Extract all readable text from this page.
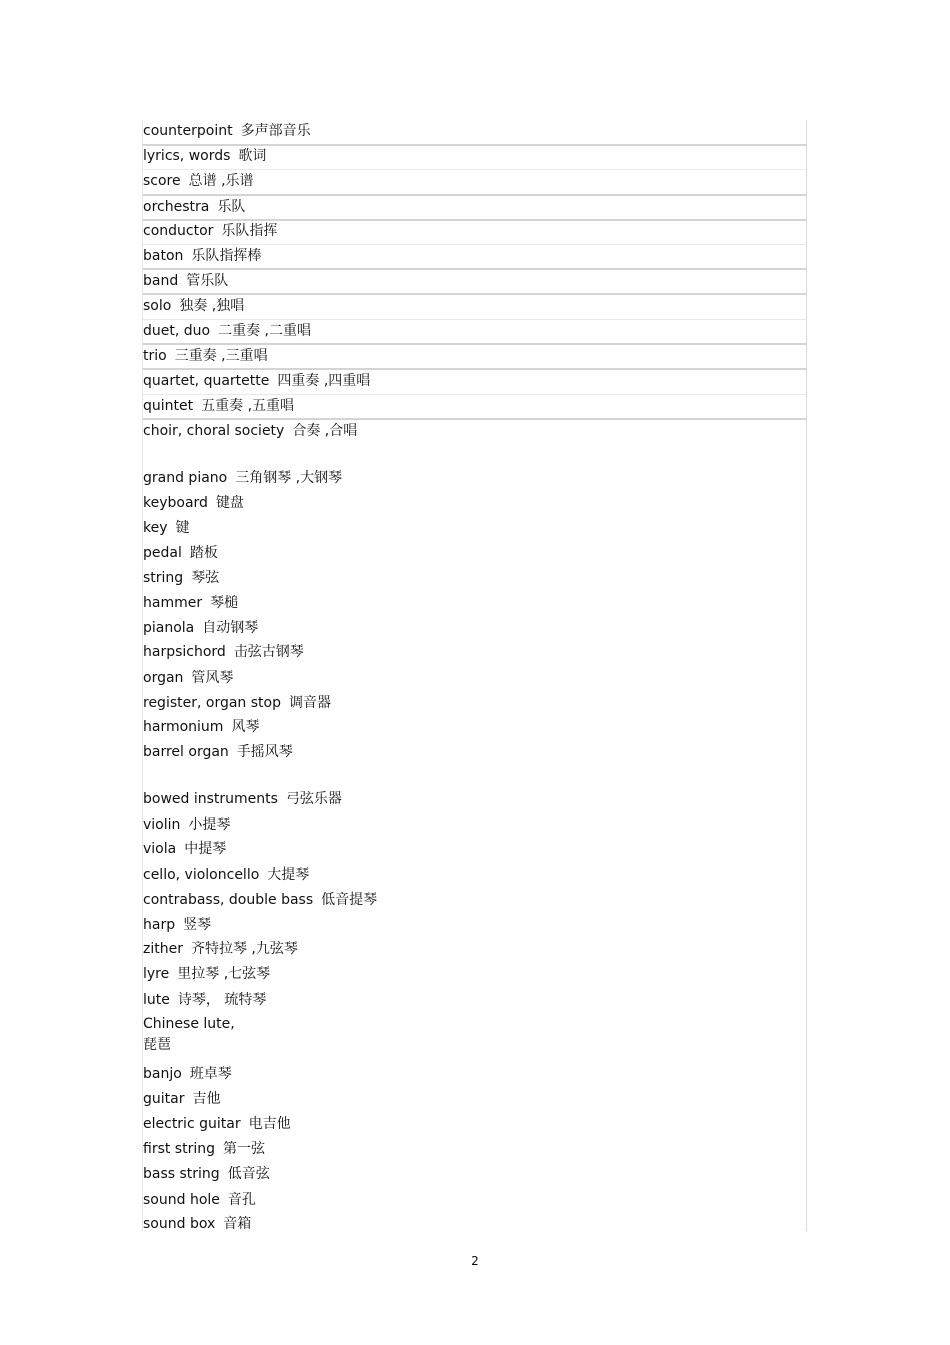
counterpoint 多声部音乐
lyrics, words 歌词
score 总谱 ,乐谱
orchestra 乐队
conductor 乐队指挥
baton 乐队指挥棒
band 管乐队
solo 独奏 ,独唱
duet, duo 二重奏 ,二重唱
trio 三重奏 ,三重唱
quartet, quartette 四重奏 ,四重唱
quintet 五重奏 ,五重唱
choir, choral society 合奏 ,合唱
grand piano 三角钢琴 ,大钢琴
keyboard 键盘
key 键
pedal 踏板
string 琴弦
hammer 琴槌
pianola 自动钢琴
harpsichord 击弦古钢琴
organ 管风琴
register, organ stop 调音器
harmonium 风琴
barrel organ 手摇风琴
bowed instruments 弓弦乐器
violin 小提琴
viola 中提琴
cello, violoncello 大提琴
contrabass, double bass 低音提琴
harp 竖琴
zither 齐特拉琴 ,九弦琴
lyre 里拉琴 ,七弦琴
lute 诗琴， 琉特琴
Chinese lute,
琵琶
banjo 班卓琴
guitar 吉他
electric guitar 电吉他
first string 第一弦
bass string 低音弦
sound hole 音孔
sound box 音箱
2
